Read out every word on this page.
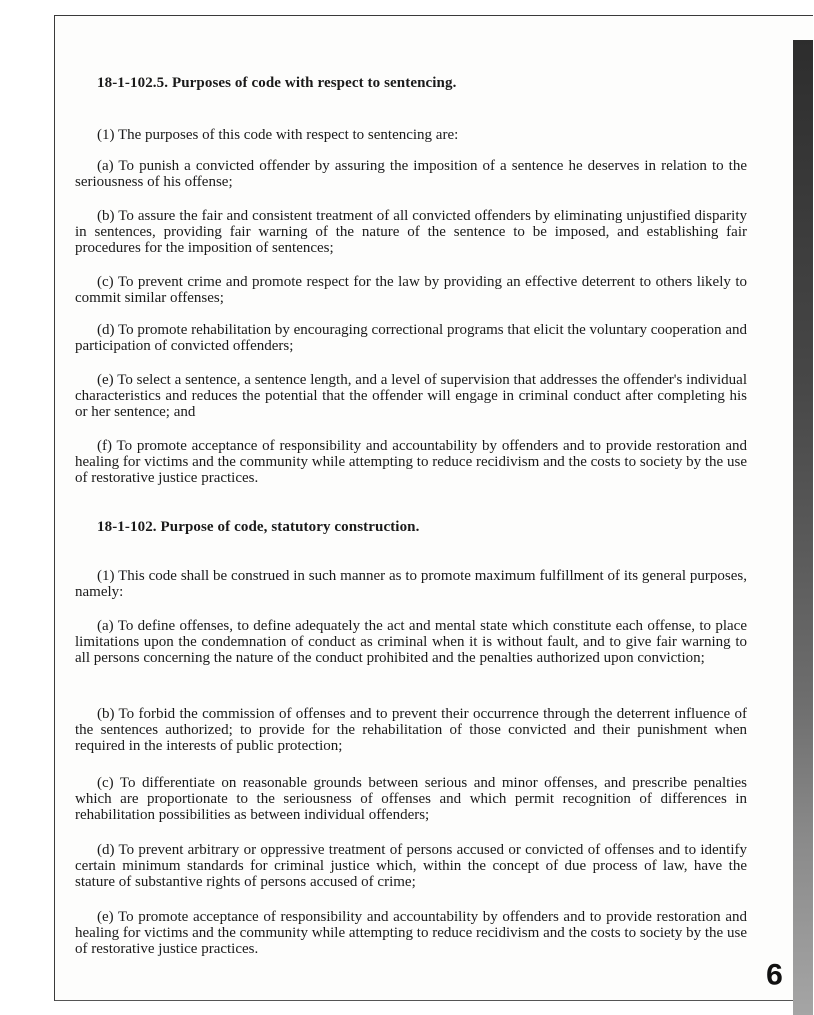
18-1-102.5. Purposes of code with respect to sentencing.

(1) The purposes of this code with respect to sentencing are:

(a) To punish a convicted offender by assuring the imposition of a sentence he deserves in relation to the seriousness of his offense;

(b) To assure the fair and consistent treatment of all convicted offenders by eliminating unjustified disparity in sentences, providing fair warning of the nature of the sentence to be imposed, and establishing fair procedures for the imposition of sentences;

(c) To prevent crime and promote respect for the law by providing an effective deterrent to others likely to commit similar offenses;

(d) To promote rehabilitation by encouraging correctional programs that elicit the voluntary cooperation and participation of convicted offenders;

(e) To select a sentence, a sentence length, and a level of supervision that addresses the offender's individual characteristics and reduces the potential that the offender will engage in criminal conduct after completing his or her sentence; and

(f) To promote acceptance of responsibility and accountability by offenders and to provide restoration and healing for victims and the community while attempting to reduce recidivism and the costs to society by the use of restorative justice practices.

18-1-102. Purpose of code, statutory construction.

(1) This code shall be construed in such manner as to promote maximum fulfillment of its general purposes, namely:

(a) To define offenses, to define adequately the act and mental state which constitute each offense, to place limitations upon the condemnation of conduct as criminal when it is without fault, and to give fair warning to all persons concerning the nature of the conduct prohibited and the penalties authorized upon conviction;

(b) To forbid the commission of offenses and to prevent their occurrence through the deterrent influence of the sentences authorized; to provide for the rehabilitation of those convicted and their punishment when required in the interests of public protection;

(c) To differentiate on reasonable grounds between serious and minor offenses, and prescribe penalties which are proportionate to the seriousness of offenses and which permit recognition of differences in rehabilitation possibilities as between individual offenders;

(d) To prevent arbitrary or oppressive treatment of persons accused or convicted of offenses and to identify certain minimum standards for criminal justice which, within the concept of due process of law, have the stature of substantive rights of persons accused of crime;

(e) To promote acceptance of responsibility and accountability by offenders and to provide restoration and healing for victims and the community while attempting to reduce recidivism and the costs to society by the use of restorative justice practices.

9
